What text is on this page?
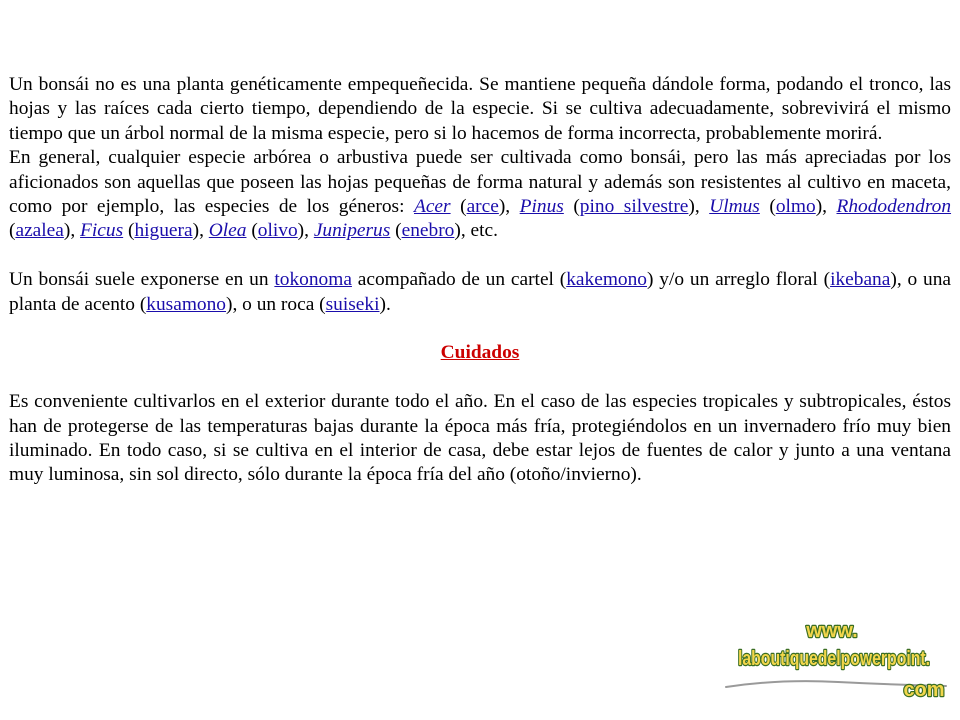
Un bonsái no es una planta genéticamente empequeñecida. Se mantiene pequeña dándole forma, podando el tronco, las hojas y las raíces cada cierto tiempo, dependiendo de la especie. Si se cultiva adecuadamente, sobrevivirá el mismo tiempo que un árbol normal de la misma especie, pero si lo hacemos de forma incorrecta, probablemente morirá.

En general, cualquier especie arbórea o arbustiva puede ser cultivada como bonsái, pero las más apreciadas por los aficionados son aquellas que poseen las hojas pequeñas de forma natural y además son resistentes al cultivo en maceta, como por ejemplo, las especies de los géneros: Acer (arce), Pinus (pino silvestre), Ulmus (olmo), Rhododendron (azalea), Ficus (higuera), Olea (olivo), Juniperus (enebro), etc.

Un bonsái suele exponerse en un tokonoma acompañado de un cartel (kakemono) y/o un arreglo floral (ikebana), o una planta de acento (kusamono), o un roca (suiseki).

Cuidados

Es conveniente cultivarlos en el exterior durante todo el año. En el caso de las especies tropicales y subtropicales, éstos han de protegerse de las temperaturas bajas durante la época más fría, protegiéndolos en un invernadero frío muy bien iluminado. En todo caso, si se cultiva en el interior de casa, debe estar lejos de fuentes de calor y junto a una ventana muy luminosa, sin sol directo, sólo durante la época fría del año (otoño/invierno).

www.
laboutiquedelpowerpoint.
com
